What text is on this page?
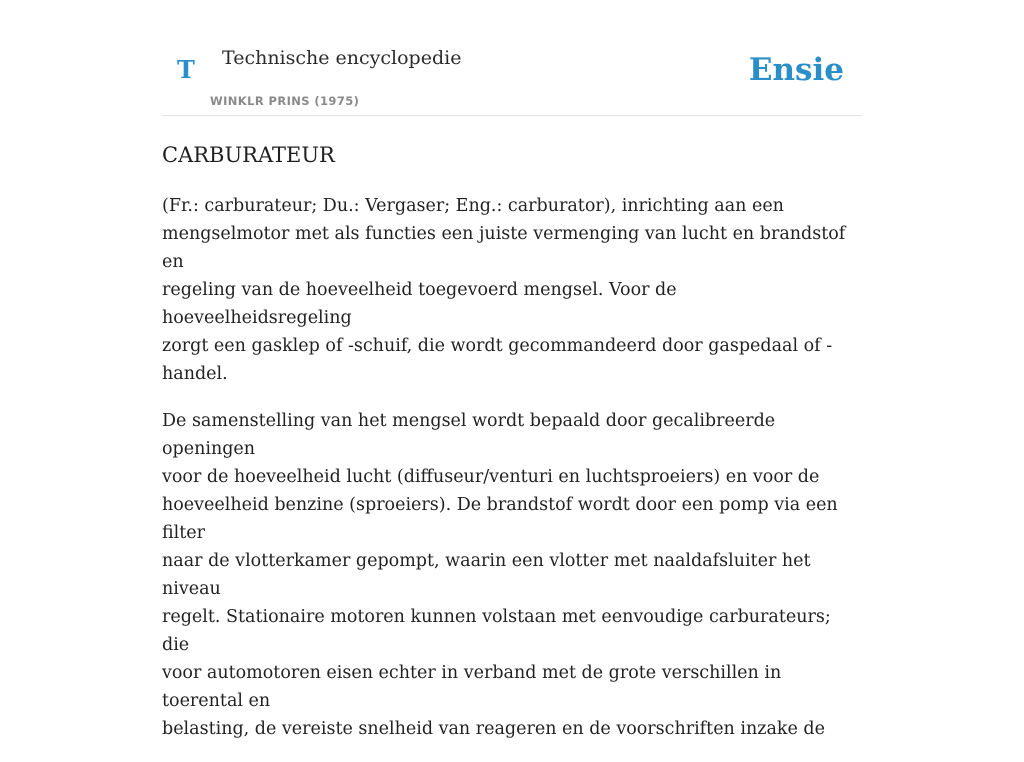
T Technische encyclopedie
WINKLR PRINS (1975)
Ensie
CARBURATEUR

(Fr.: carburateur; Du.: Vergaser; Eng.: carburator), inrichting aan een
mengselmotor met als functies een juiste vermenging van lucht en brandstof en
regeling van de hoeveelheid toegevoerd mengsel. Voor de hoeveelheidsregeling
zorgt een gasklep of -schuif, die wordt gecommandeerd door gaspedaal of -handel.

De samenstelling van het mengsel wordt bepaald door gecalibreerde openingen
voor de hoeveelheid lucht (diffuseur/venturi en luchtsproeiers) en voor de
hoeveelheid benzine (sproeiers). De brandstof wordt door een pomp via een filter
naar de vlotterkamer gepompt, waarin een vlotter met naaldafsluiter het niveau
regelt. Stationaire motoren kunnen volstaan met eenvoudige carburateurs; die
voor automotoren eisen echter in verband met de grote verschillen in toerental en
belasting, de vereiste snelheid van reageren en de voorschriften inzake de
